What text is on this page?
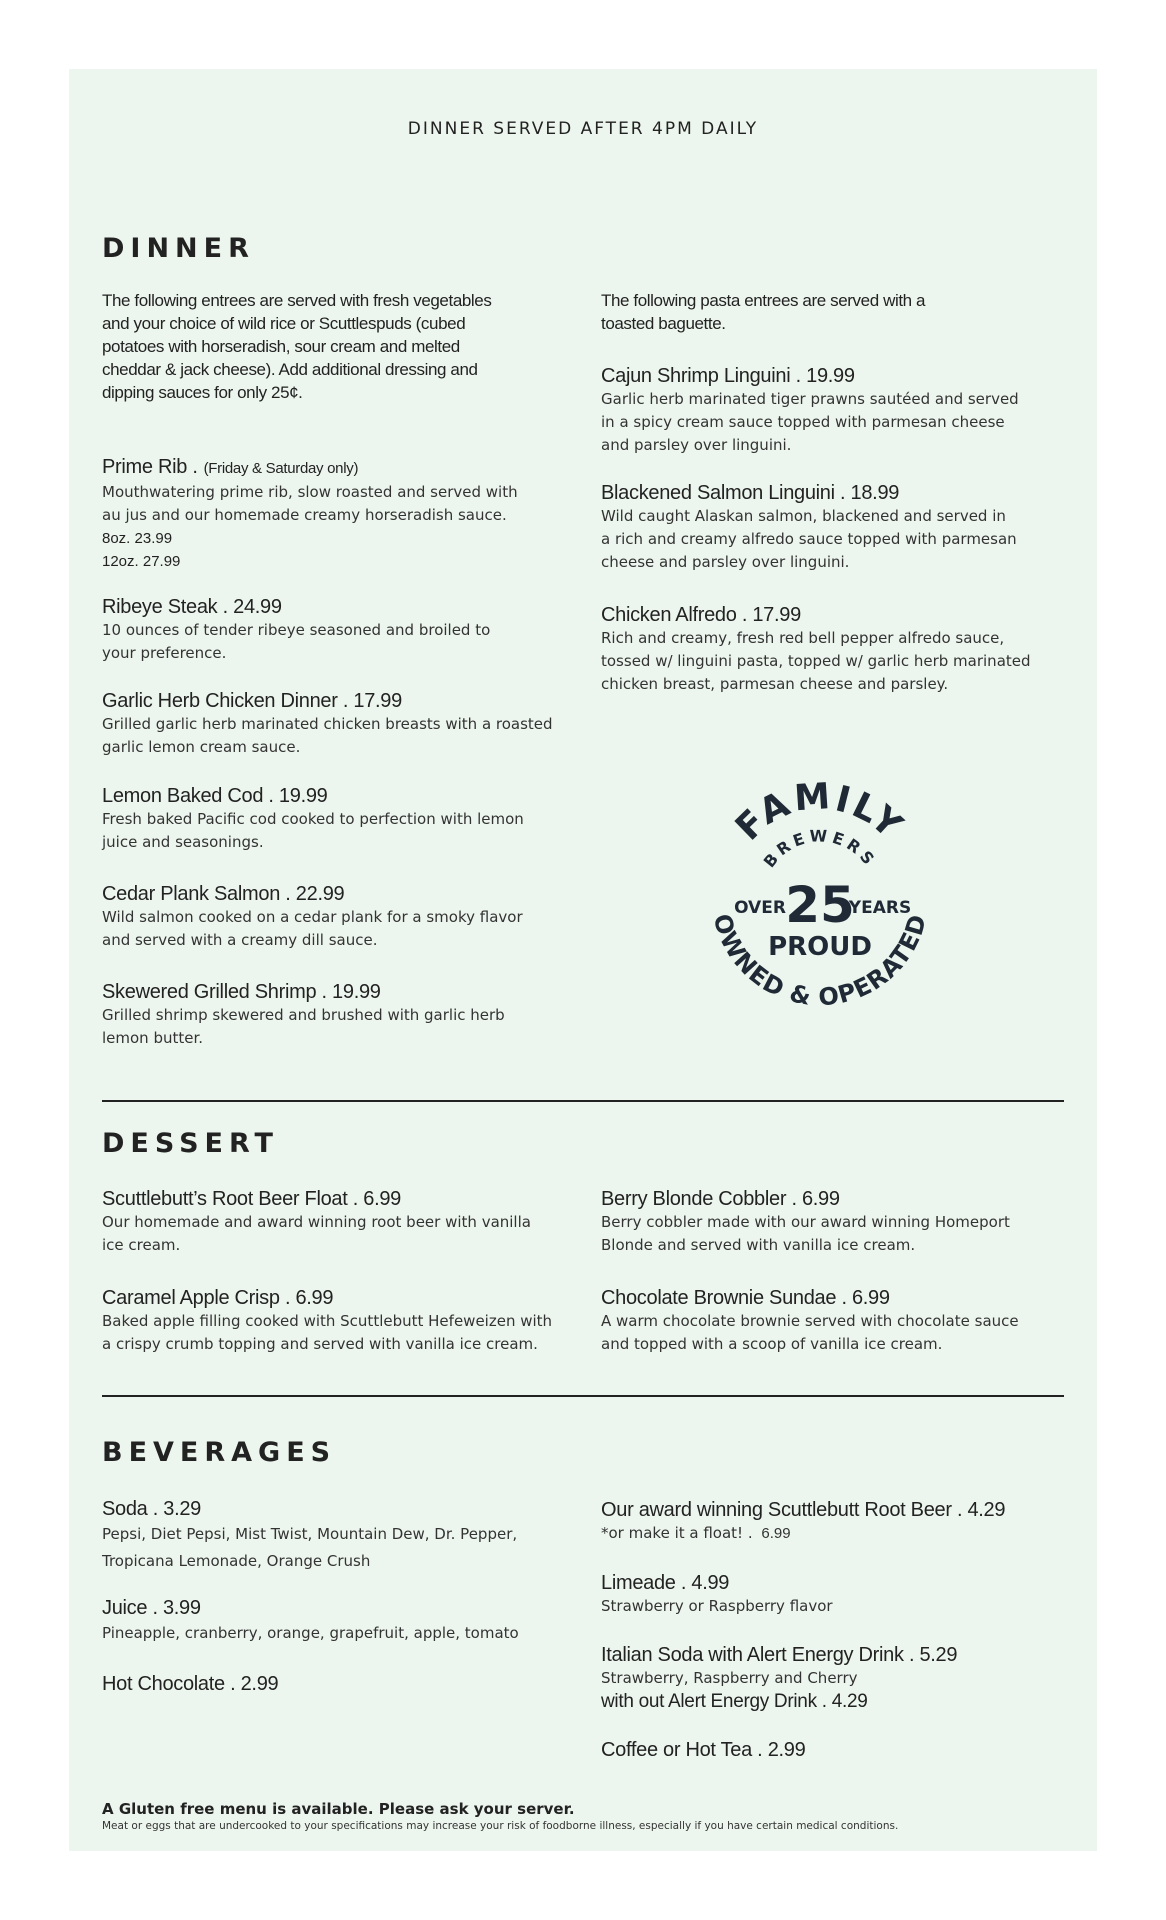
DINNER SERVED AFTER 4PM DAILY
DINNER
The following entrees are served with fresh vegetables
and your choice of wild rice or Scuttlespuds (cubed
potatoes with horseradish, sour cream and melted
cheddar & jack cheese). Add additional dressing and
dipping sauces for only 25¢.
The following pasta entrees are served with a
toasted baguette.
Prime Rib . (Friday & Saturday only)
Mouthwatering prime rib, slow roasted and served with
au jus and our homemade creamy horseradish sauce.
8oz. 23.99
12oz. 27.99
Ribeye Steak . 24.99
10 ounces of tender ribeye seasoned and broiled to
your preference.
Garlic Herb Chicken Dinner . 17.99
Grilled garlic herb marinated chicken breasts with a roasted
garlic lemon cream sauce.
Lemon Baked Cod . 19.99
Fresh baked Pacific cod cooked to perfection with lemon
juice and seasonings.
Cedar Plank Salmon . 22.99
Wild salmon cooked on a cedar plank for a smoky flavor
and served with a creamy dill sauce.
Skewered Grilled Shrimp . 19.99
Grilled shrimp skewered and brushed with garlic herb
lemon butter.
Cajun Shrimp Linguini . 19.99
Garlic herb marinated tiger prawns sautéed and served
in a spicy cream sauce topped with parmesan cheese
and parsley over linguini.
Blackened Salmon Linguini . 18.99
Wild caught Alaskan salmon, blackened and served in
a rich and creamy alfredo sauce topped with parmesan
cheese and parsley over linguini.
Chicken Alfredo . 17.99
Rich and creamy, fresh red bell pepper alfredo sauce,
tossed w/ linguini pasta, topped w/ garlic herb marinated
chicken breast, parmesan cheese and parsley.
FAMILY
BREWERS
OWNED & OPERATED
OVER 25
YEARS
PROUD
DESSERT
Scuttlebutt’s Root Beer Float . 6.99
Our homemade and award winning root beer with vanilla
ice cream.
Caramel Apple Crisp . 6.99
Baked apple filling cooked with Scuttlebutt Hefeweizen with
a crispy crumb topping and served with vanilla ice cream.
Berry Blonde Cobbler . 6.99
Berry cobbler made with our award winning Homeport
Blonde and served with vanilla ice cream.
Chocolate Brownie Sundae . 6.99
A warm chocolate brownie served with chocolate sauce
and topped with a scoop of vanilla ice cream.
BEVERAGES
Soda . 3.29
Pepsi, Diet Pepsi, Mist Twist, Mountain Dew, Dr. Pepper,
Tropicana Lemonade, Orange Crush
Juice . 3.99
Pineapple, cranberry, orange, grapefruit, apple, tomato
Hot Chocolate . 2.99
Our award winning Scuttlebutt Root Beer . 4.29
*or make it a float! . 6.99
Limeade . 4.99
Strawberry or Raspberry flavor
Italian Soda with Alert Energy Drink . 5.29
Strawberry, Raspberry and Cherry
with out Alert Energy Drink . 4.29
Coffee or Hot Tea . 2.99
A Gluten free menu is available. Please ask your server.
Meat or eggs that are undercooked to your specifications may increase your risk of foodborne illness, especially if you have certain medical conditions.
